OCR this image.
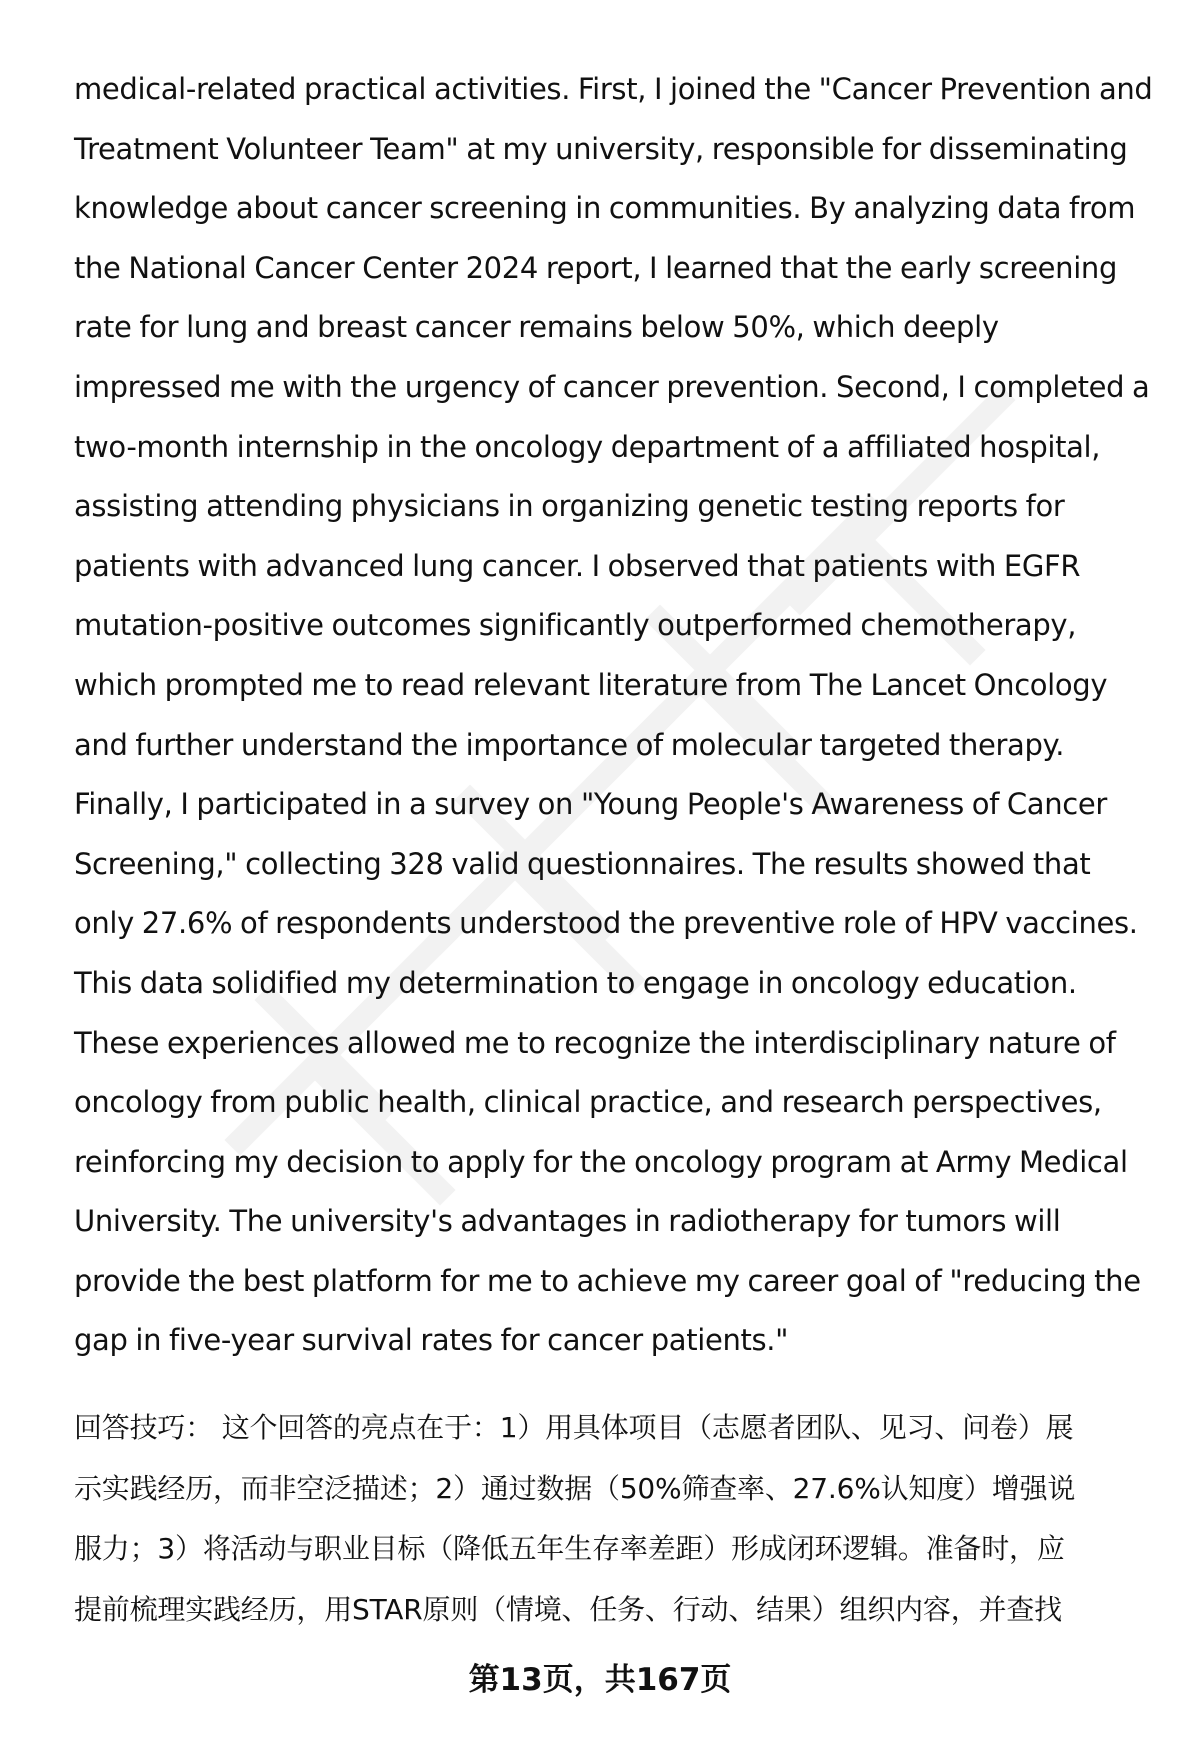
medical-related practical activities. First, I joined the "Cancer Prevention and
Treatment Volunteer Team" at my university, responsible for disseminating
knowledge about cancer screening in communities. By analyzing data from
the National Cancer Center 2024 report, I learned that the early screening
rate for lung and breast cancer remains below 50%, which deeply
impressed me with the urgency of cancer prevention. Second, I completed a
two-month internship in the oncology department of a affiliated hospital,
assisting attending physicians in organizing genetic testing reports for
patients with advanced lung cancer. I observed that patients with EGFR
mutation-positive outcomes significantly outperformed chemotherapy,
which prompted me to read relevant literature from The Lancet Oncology
and further understand the importance of molecular targeted therapy.
Finally, I participated in a survey on "Young People's Awareness of Cancer
Screening," collecting 328 valid questionnaires. The results showed that
only 27.6% of respondents understood the preventive role of HPV vaccines.
This data solidified my determination to engage in oncology education.
These experiences allowed me to recognize the interdisciplinary nature of
oncology from public health, clinical practice, and research perspectives,
reinforcing my decision to apply for the oncology program at Army Medical
University. The university's advantages in radiotherapy for tumors will
provide the best platform for me to achieve my career goal of "reducing the
gap in five-year survival rates for cancer patients."

回答技巧： 这个回答的亮点在于：1）用具体项目（志愿者团队、见习、问卷）展
示实践经历，而非空泛描述；2）通过数据（50%筛查率、27.6%认知度）增强说
服力；3）将活动与职业目标（降低五年生存率差距）形成闭环逻辑。准备时，应
提前梳理实践经历，用STAR原则（情境、任务、行动、结果）组织内容，并查找

第13页，共167页
